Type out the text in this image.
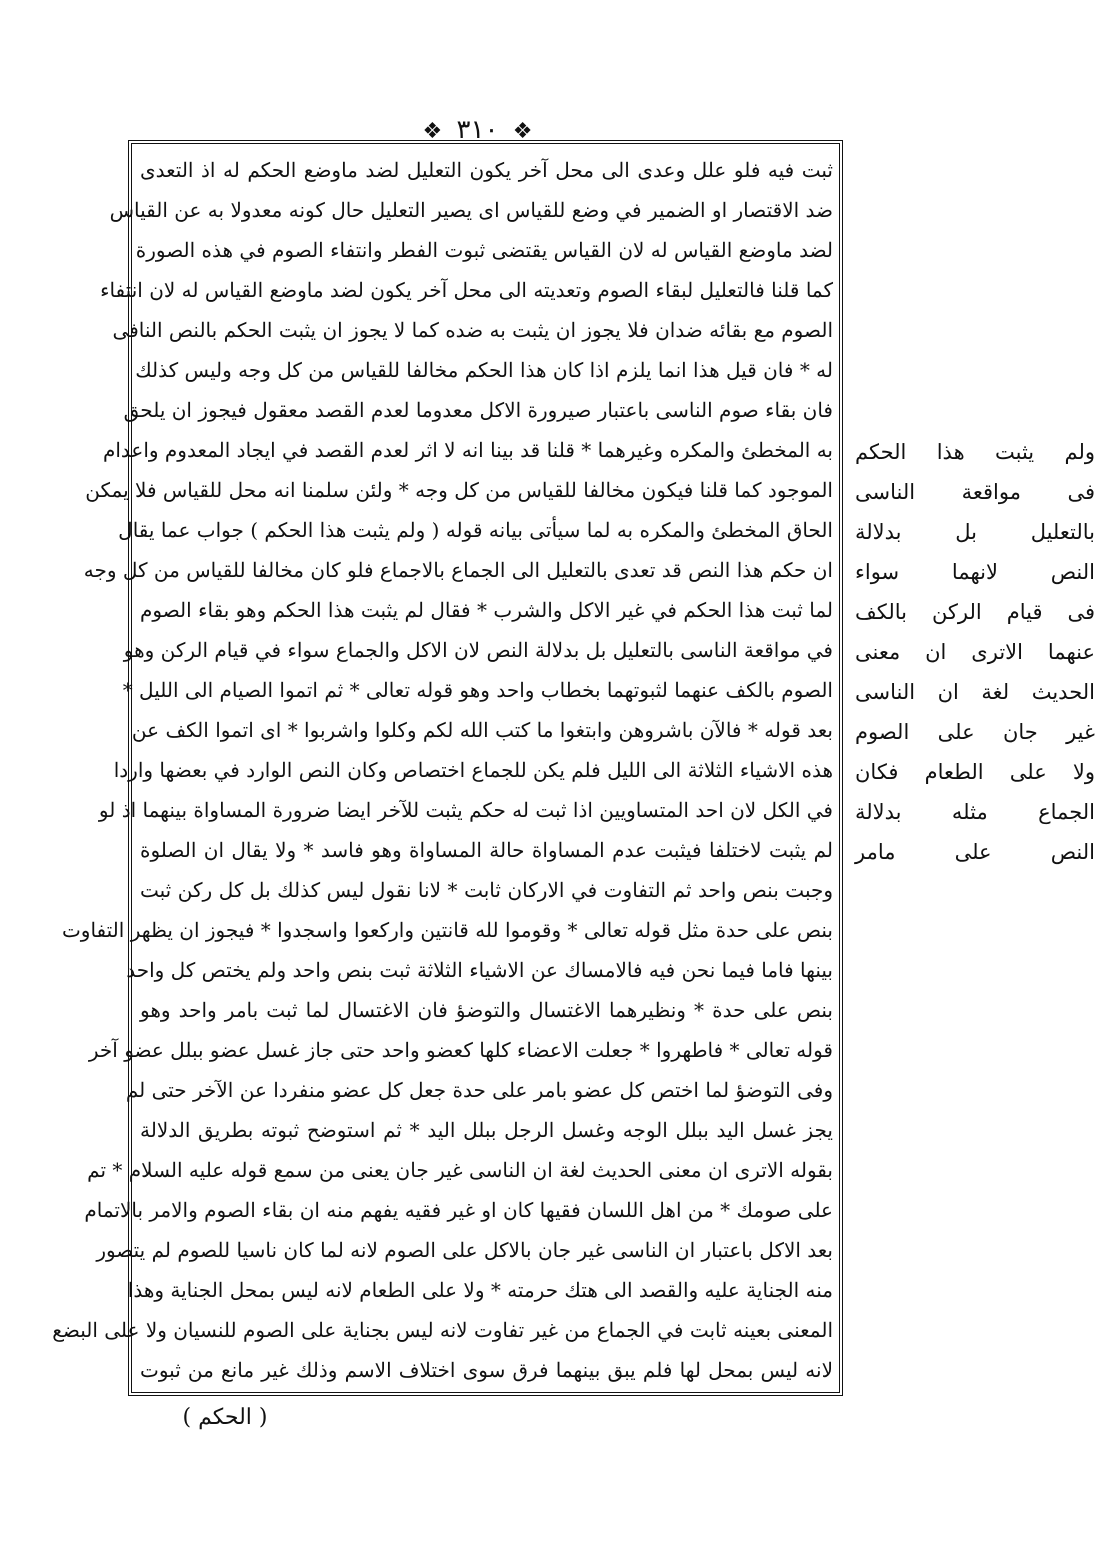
❖ ٣١٠ ❖
ثبت فيه فلو علل وعدى الى محل آخر يكون التعليل لضد ماوضع الحكم له اذ التعدى
ضد الاقتصار او الضمير في وضع للقياس اى يصير التعليل حال كونه معدولا به عن القياس
لضد ماوضع القياس له لان القياس يقتضى ثبوت الفطر وانتفاء الصوم في هذه الصورة
كما قلنا فالتعليل لبقاء الصوم وتعديته الى محل آخر يكون لضد ماوضع القياس له لان انتفاء
الصوم مع بقائه ضدان فلا يجوز ان يثبت به ضده كما لا يجوز ان يثبت الحكم بالنص النافى
له * فان قيل هذا انما يلزم اذا كان هذا الحكم مخالفا للقياس من كل وجه وليس كذلك
فان بقاء صوم الناسى باعتبار صيرورة الاكل معدوما لعدم القصد معقول فيجوز ان يلحق
به المخطئ والمكره وغيرهما * قلنا قد بينا انه لا اثر لعدم القصد في ايجاد المعدوم واعدام
الموجود كما قلنا فيكون مخالفا للقياس من كل وجه * ولئن سلمنا انه محل للقياس فلا يمكن
الحاق المخطئ والمكره به لما سيأتى بيانه قوله ( ولم يثبت هذا الحكم ) جواب عما يقال
ان حكم هذا النص قد تعدى بالتعليل الى الجماع بالاجماع فلو كان مخالفا للقياس من كل وجه
لما ثبت هذا الحكم في غير الاكل والشرب * فقال لم يثبت هذا الحكم وهو بقاء الصوم
في مواقعة الناسى بالتعليل بل بدلالة النص لان الاكل والجماع سواء في قيام الركن وهو
الصوم بالكف عنهما لثبوتهما بخطاب واحد وهو قوله تعالى * ثم اتموا الصيام الى الليل *
بعد قوله * فالآن باشروهن وابتغوا ما كتب الله لكم وكلوا واشربوا * اى اتموا الكف عن
هذه الاشياء الثلاثة الى الليل فلم يكن للجماع اختصاص وكان النص الوارد في بعضها واردا
في الكل لان احد المتساويين اذا ثبت له حكم يثبت للآخر ايضا ضرورة المساواة بينهما اذ لو
لم يثبت لاختلفا فيثبت عدم المساواة حالة المساواة وهو فاسد * ولا يقال ان الصلوة
وجبت بنص واحد ثم التفاوت في الاركان ثابت * لانا نقول ليس كذلك بل كل ركن ثبت
بنص على حدة مثل قوله تعالى * وقوموا لله قانتين واركعوا واسجدوا * فيجوز ان يظهر التفاوت
بينها فاما فيما نحن فيه فالامساك عن الاشياء الثلاثة ثبت بنص واحد ولم يختص كل واحد
بنص على حدة * ونظيرهما الاغتسال والتوضؤ فان الاغتسال لما ثبت بامر واحد وهو
قوله تعالى * فاطهروا * جعلت الاعضاء كلها كعضو واحد حتى جاز غسل عضو ببلل عضو آخر
وفى التوضؤ لما اختص كل عضو بامر على حدة جعل كل عضو منفردا عن الآخر حتى لم
يجز غسل اليد ببلل الوجه وغسل الرجل ببلل اليد * ثم استوضح ثبوته بطريق الدلالة
بقوله الاترى ان معنى الحديث لغة ان الناسى غير جان يعنى من سمع قوله عليه السلام * تم
على صومك * من اهل اللسان فقيها كان او غير فقيه يفهم منه ان بقاء الصوم والامر بالاتمام
بعد الاكل باعتبار ان الناسى غير جان بالاكل على الصوم لانه لما كان ناسيا للصوم لم يتصور
منه الجناية عليه والقصد الى هتك حرمته * ولا على الطعام لانه ليس بمحل الجناية وهذا
المعنى بعينه ثابت في الجماع من غير تفاوت لانه ليس بجناية على الصوم للنسيان ولا على البضع
لانه ليس بمحل لها فلم يبق بينهما فرق سوى اختلاف الاسم وذلك غير مانع من ثبوت
ولم يثبت هذا الحكم
فى مواقعة الناسى
بالتعليل بل بدلالة
النص لانهما سواء
فى قيام الركن بالكف
عنهما الاترى ان معنى
الحديث لغة ان الناسى
غير جان على الصوم
ولا على الطعام فكان
الجماع مثله بدلالة
النص على مامر
( الحكم )
